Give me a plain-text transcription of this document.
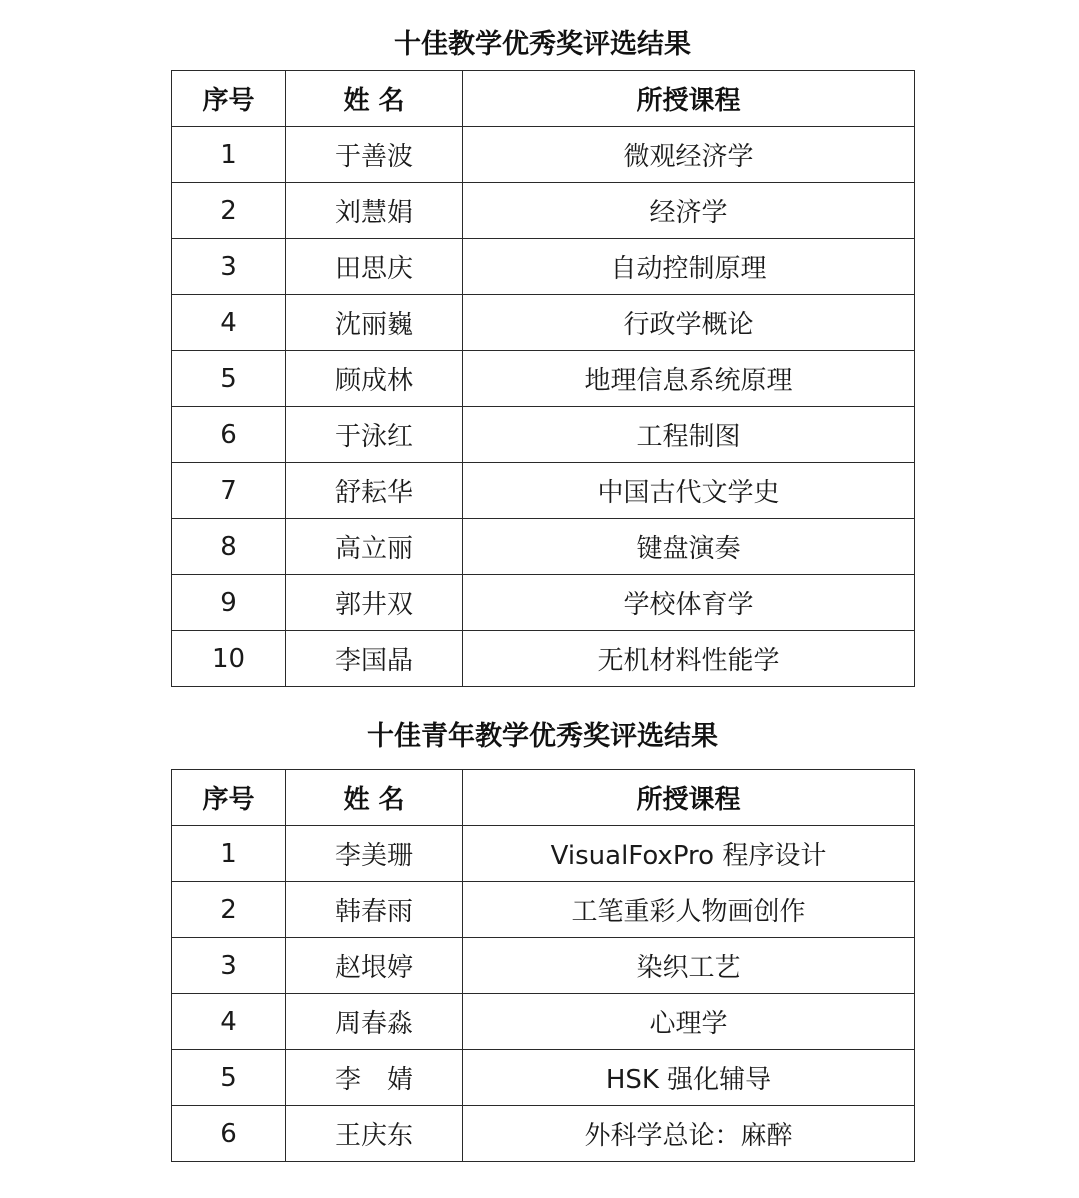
十佳教学优秀奖评选结果
序号	姓 名	所授课程
1	于善波	微观经济学
2	刘慧娟	经济学
3	田思庆	自动控制原理
4	沈丽巍	行政学概论
5	顾成林	地理信息系统原理
6	于泳红	工程制图
7	舒耘华	中国古代文学史
8	高立丽	键盘演奏
9	郭井双	学校体育学
10	李国晶	无机材料性能学
十佳青年教学优秀奖评选结果
序号	姓 名	所授课程
1	李美珊	VisualFoxPro 程序设计
2	韩春雨	工笔重彩人物画创作
3	赵垠婷	染织工艺
4	周春淼	心理学
5	李　婧	HSK 强化辅导
6	王庆东	外科学总论：麻醉
